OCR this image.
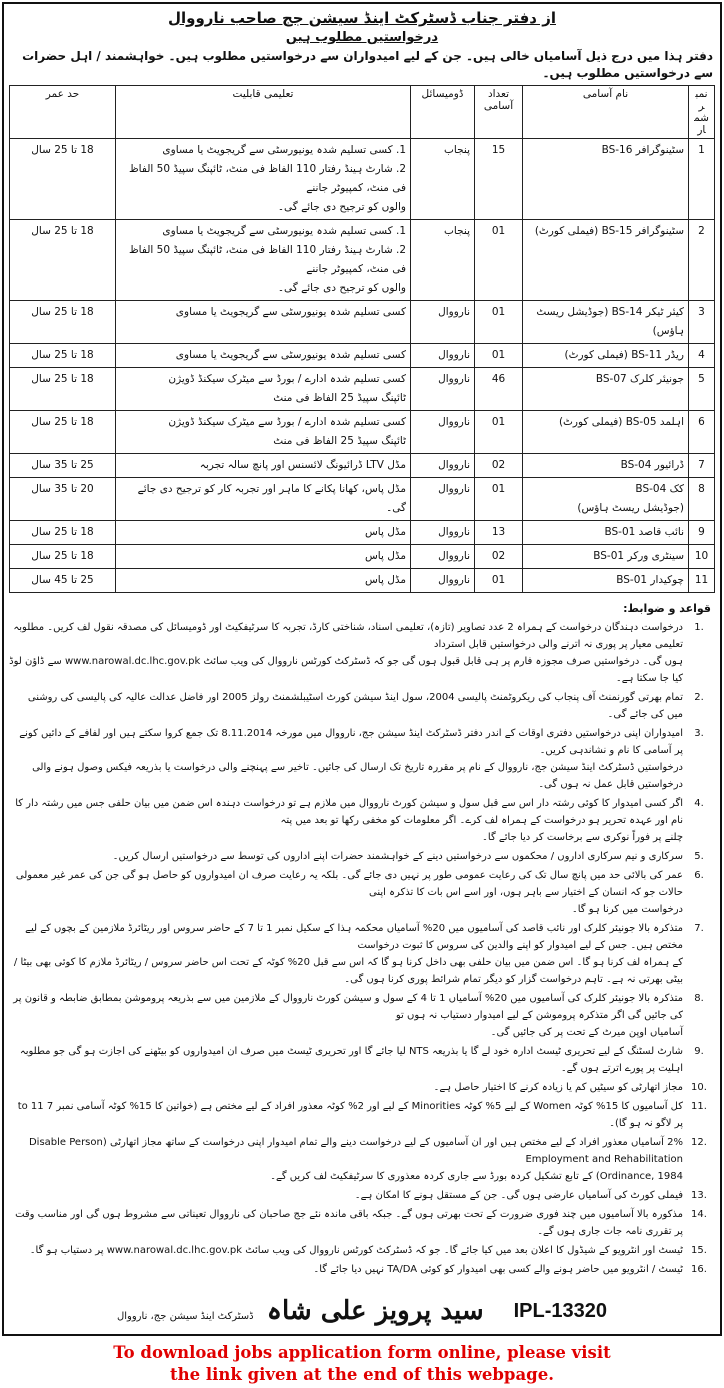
از دفتر جناب ڈسٹرکٹ اینڈ سیشن جج صاحب نارووال
درخواستیں مطلوب ہیں
دفتر ہذا میں درج ذیل آسامیاں خالی ہیں۔ جن کے لیے امیدواران سے درخواستیں مطلوب ہیں۔ خواہشمند / اہل حضرات سے درخواستیں مطلوب ہیں۔
نمبر شمار	نام آسامی	تعداد آسامی	ڈومیسائل	تعلیمی قابلیت	حد عمر
1	سٹینوگرافر BS-16	15	پنجاب	1. کسی تسلیم شدہ یونیورسٹی سے گریجویٹ یا مساوی
2. شارٹ ہینڈ رفتار 110 الفاظ فی منٹ، ٹائپنگ سپیڈ 50 الفاظ فی منٹ، کمپیوٹر جاننے
والوں کو ترجیح دی جائے گی۔	18 تا 25 سال
2	سٹینوگرافر BS-15 (فیملی کورٹ)	01	پنجاب	1. کسی تسلیم شدہ یونیورسٹی سے گریجویٹ یا مساوی
2. شارٹ ہینڈ رفتار 110 الفاظ فی منٹ، ٹائپنگ سپیڈ 50 الفاظ فی منٹ، کمپیوٹر جاننے
والوں کو ترجیح دی جائے گی۔	18 تا 25 سال
3	کیئر ٹیکر BS-14 (جوڈیشل ریسٹ ہاؤس)	01	نارووال	کسی تسلیم شدہ یونیورسٹی سے گریجویٹ یا مساوی	18 تا 25 سال
4	ریڈر BS-11 (فیملی کورٹ)	01	نارووال	کسی تسلیم شدہ یونیورسٹی سے گریجویٹ یا مساوی	18 تا 25 سال
5	جونیئر کلرک BS-07	46	نارووال	کسی تسلیم شدہ ادارے / بورڈ سے میٹرک سیکنڈ ڈویژن
ٹائپنگ سپیڈ 25 الفاظ فی منٹ	18 تا 25 سال
6	اہلمد BS-05 (فیملی کورٹ)	01	نارووال	کسی تسلیم شدہ ادارے / بورڈ سے میٹرک سیکنڈ ڈویژن
ٹائپنگ سپیڈ 25 الفاظ فی منٹ	18 تا 25 سال
7	ڈرائیور BS-04	02	نارووال	مڈل LTV ڈرائیونگ لائسنس اور پانچ سالہ تجربہ	25 تا 35 سال
8	کک BS-04
(جوڈیشل ریسٹ ہاؤس)	01	نارووال	مڈل پاس، کھانا پکانے کا ماہر اور تجربہ کار کو ترجیح دی جائے گی۔	20 تا 35 سال
9	نائب قاصد BS-01	13	نارووال	مڈل پاس	18 تا 25 سال
10	سینٹری ورکر BS-01	02	نارووال	مڈل پاس	18 تا 25 سال
11	چوکیدار BS-01	01	نارووال	مڈل پاس	25 تا 45 سال
قواعد و ضوابط:
1.
درخواست دہندگان درخواست کے ہمراہ 2 عدد تصاویر (تازہ)، تعلیمی اسناد، شناختی کارڈ، تجربہ کا سرٹیفکیٹ اور ڈومیسائل کی مصدقہ نقول لف کریں۔ مطلوبہ تعلیمی معیار پر پوری نہ اترنے والی درخواستیں قابل استرداد
ہوں گی۔ درخواستیں صرف مجوزہ فارم پر ہی قابل قبول ہوں گی جو کہ ڈسٹرکٹ کورٹس نارووال کی ویب سائٹ www.narowal.dc.lhc.gov.pk سے ڈاؤن لوڈ کیا جا سکتا ہے۔
2.
تمام بھرتی گورنمنٹ آف پنجاب کی ریکروٹمنٹ پالیسی 2004، سول اینڈ سیشن کورٹ اسٹیبلشمنٹ رولز 2005 اور فاضل عدالت عالیہ کی پالیسی کی روشنی میں کی جائے گی۔
3.
امیدواران اپنی درخواستیں دفتری اوقات کے اندر دفتر ڈسٹرکٹ اینڈ سیشن جج، نارووال میں مورخہ 8.11.2014 تک جمع کروا سکتے ہیں اور لفافے کے دائیں کونے پر آسامی کا نام و نشاندہی کریں۔
درخواستیں ڈسٹرکٹ اینڈ سیشن جج، نارووال کے نام پر مقررہ تاریخ تک ارسال کی جائیں۔ تاخیر سے پہنچنے والی درخواست یا بذریعہ فیکس وصول ہونے والی درخواستیں قابل عمل نہ ہوں گی۔
4.
اگر کسی امیدوار کا کوئی رشتہ دار اس سے قبل سول و سیشن کورٹ نارووال میں ملازم ہے تو درخواست دہندہ اس ضمن میں بیان حلفی جس میں رشتہ دار کا نام اور عہدہ تحریر ہو درخواست کے ہمراہ لف کرے۔ اگر معلومات کو مخفی رکھا تو بعد میں پتہ
چلنے پر فوراً نوکری سے برخاست کر دیا جائے گا۔
5.
سرکاری و نیم سرکاری اداروں / محکموں سے درخواستیں دینے کے خواہشمند حضرات اپنے اداروں کی توسط سے درخواستیں ارسال کریں۔
6.
عمر کی بالائی حد میں پانچ سال تک کی رعایت عمومی طور پر نہیں دی جائے گی۔ بلکہ یہ رعایت صرف ان امیدواروں کو حاصل ہو گی جن کی عمر غیر معمولی حالات جو کہ انسان کے اختیار سے باہر ہوں، اور اسے اس بات کا تذکرہ اپنی
درخواست میں کرنا ہو گا۔
7.
متذکرہ بالا جونیئر کلرک اور نائب قاصد کی آسامیوں میں 20% آسامیاں محکمہ ہذا کے سکیل نمبر 1 تا 7 کے حاضر سروس اور ریٹائرڈ ملازمین کے بچوں کے لیے مختص ہیں۔ جس کے لیے امیدوار کو اپنے والدین کی سروس کا ثبوت درخواست
کے ہمراہ لف کرنا ہو گا۔ اس ضمن میں بیان حلفی بھی داخل کرنا ہو گا کہ اس سے قبل 20% کوٹہ کے تحت اس حاضر سروس / ریٹائرڈ ملازم کا کوئی بھی بیٹا / بیٹی بھرتی نہ ہے۔ تاہم درخواست گزار کو دیگر تمام شرائط پوری کرنا ہوں گی۔
8.
متذکرہ بالا جونیئر کلرک کی آسامیوں میں 20% آسامیاں 1 تا 4 کے سول و سیشن کورٹ نارووال کے ملازمین میں سے بذریعہ پروموشن بمطابق ضابطہ و قانون پر کی جائیں گی اگر متذکرہ پروموشن کے لیے امیدوار دستیاب نہ ہوں تو
آسامیاں اوپن میرٹ کے تحت پر کی جائیں گی۔
9.
شارٹ لسٹنگ کے لیے تحریری ٹیسٹ ادارہ خود لے گا یا بذریعہ NTS لیا جائے گا اور تحریری ٹیسٹ میں صرف ان امیدواروں کو بیٹھنے کی اجازت ہو گی جو مطلوبہ اہلیت پر پورے اترتے ہوں گے۔
10.
مجاز اتھارٹی کو سیٹیں کم یا زیادہ کرنے کا اختیار حاصل ہے۔
11.
کل آسامیوں کا 15% کوٹہ Women کے لیے 5% کوٹہ Minorities کے لیے اور 2% کوٹہ معذور افراد کے لیے مختص ہے (خواتین کا 15% کوٹہ آسامی نمبر 7 to 11 پر لاگو نہ ہو گا)۔
12.
2% آسامیاں معذور افراد کے لیے مختص ہیں اور ان آسامیوں کے لیے درخواست دینے والے تمام امیدوار اپنی درخواست کے ساتھ مجاز اتھارٹی (Disable Person Employment and Rehabilitation
Ordinance, 1984) کے تابع تشکیل کردہ بورڈ سے جاری کردہ معذوری کا سرٹیفکیٹ لف کریں گے۔
13.
فیملی کورٹ کی آسامیاں عارضی ہوں گی۔ جن کے مستقل ہونے کا امکان ہے۔
14.
مذکورہ بالا آسامیوں میں چند فوری ضرورت کے تحت بھرتی ہوں گے۔ جبکہ باقی ماندہ نئے جج صاحبان کی نارووال تعیناتی سے مشروط ہوں گی اور مناسب وقت پر تقرری نامہ جات جاری ہوں گے۔
15.
ٹیسٹ اور انٹرویو کے شیڈول کا اعلان بعد میں کیا جائے گا۔ جو کہ ڈسٹرکٹ کورٹس نارووال کی ویب سائٹ www.narowal.dc.lhc.gov.pk پر دستیاب ہو گا۔
16.
ٹیسٹ / انٹرویو میں حاضر ہونے والے کسی بھی امیدوار کو کوئی TA/DA نہیں دیا جائے گا۔
سید پرویز علی شاہ ڈسٹرکٹ اینڈ سیشن جج، نارووال	IPL-13320
To download jobs application form online, please visit
the link given at the end of this webpage.
